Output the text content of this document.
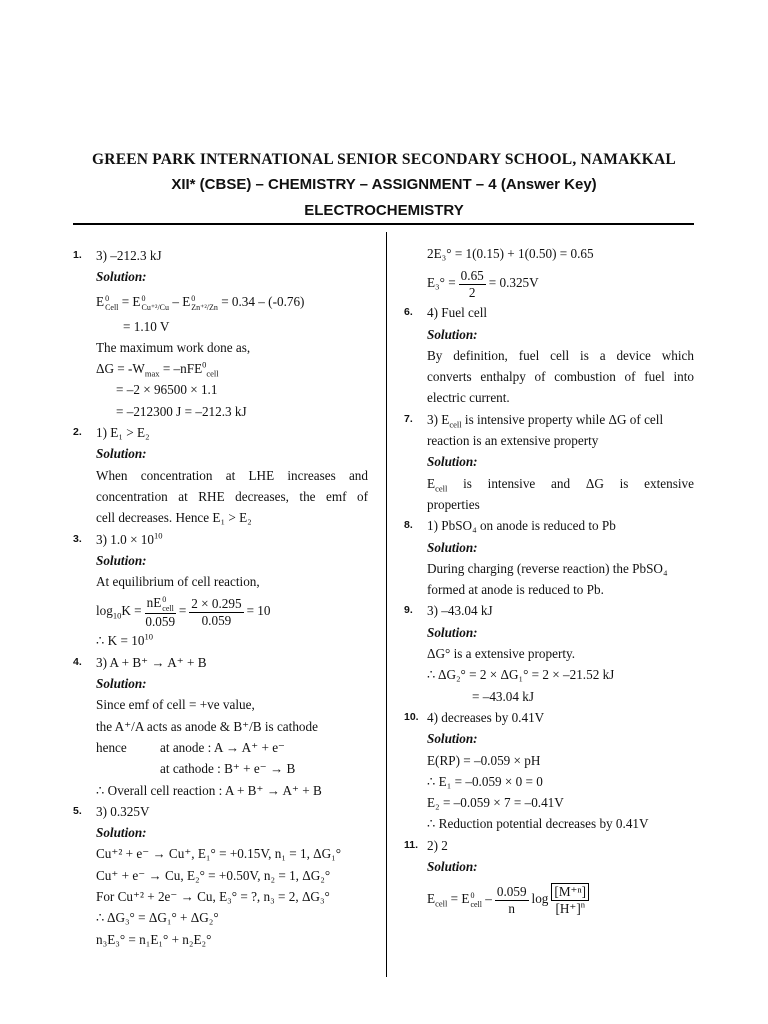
GREEN PARK INTERNATIONAL SENIOR SECONDARY SCHOOL, NAMAKKAL
XII* (CBSE) – CHEMISTRY – ASSIGNMENT – 4 (Answer Key)
ELECTROCHEMISTRY
1. 3) –212.3 kJ
Solution:
E 0
Cell = E 0
Cu⁺²/Cu – E 0
Zn⁺²/Zn = 0.34 – (-0.76)
= 1.10 V
The maximum work done as,
$\Delta G = -W_{max} = -nFE^0_{cell}$
= –2 × 96500 × 1.1
= –212300 J = –212.3 kJ
2. 1) E₁ > E₂
Solution:
When concentration at LHE increases and
concentration at RHE decreases, the emf of
cell decreases. Hence E₁ > E₂
3. 3) $1.0 \times 10^{10}$
Solution:
At equilibrium of cell reaction,
$\log_{10}K$ = nE 0
cell
$0.059 = \frac{2 \times 0.295}{0.059} = 10$
∴ $K = 10^{10}$
4. 3) A + B⁺ → A⁺ + B
Solution:
Since emf of cell = +ve value,
the A⁺/A acts as anode & B⁺/B is cathode
hence	at anode : A → A⁺ + e⁻
at cathode : B⁺ + e⁻ → B
∴ Overall cell reaction : A + B⁺ → A⁺ + B
5. 3) 0.325V
Solution:
Cu⁺² + e⁻ → Cu⁺, E₁° = +0.15V, n₁ = 1, ΔG₁°
Cu⁺ + e⁻ → Cu, E₂° = +0.50V, n₂ = 1, ΔG₂°
For Cu⁺² + 2e⁻ → Cu, E₃° = ?, n₃ = 2, ΔG₃°
∴ ΔG₃° = ΔG₁° + ΔG₂°
n₃E₃° = n₁E₁° + n₂E₂°
2E₃° = 1(0.15) + 1(0.50) = 0.65
$E_3^\circ = \frac{0.65}{2} = 0.325V$
6. 4) Fuel cell
Solution:
By definition, fuel cell is a device which
converts enthalpy of combustion of fuel into
electric current.
7. 3) $E_{cell}$ is intensive property while ΔG of cell
reaction is an extensive property
Solution:
$E_{cell}$ is intensive and ΔG is extensive
properties
8. 1) PbSO₄ on anode is reduced to Pb
Solution:
During charging (reverse reaction) the PbSO₄
formed at anode is reduced to Pb.
9. 3) –43.04 kJ
Solution:
ΔG° is a extensive property.
∴ ΔG₂° = 2 × ΔG₁° = 2 × –21.52 kJ
= –43.04 kJ
10. 4) decreases by 0.41V
Solution:
E(RP) = –0.059 × pH
∴ E₁ = –0.059 × 0 = 0
E₂ = –0.059 × 7 = –0.41V
∴ Reduction potential decreases by 0.41V
11. 2) 2
Solution:
$E_{cell} = E$ 0
cell – $\frac{0.059}{n}$ $\log \frac{\text{[M⁺ⁿ]}}{[H^+]^n}$
